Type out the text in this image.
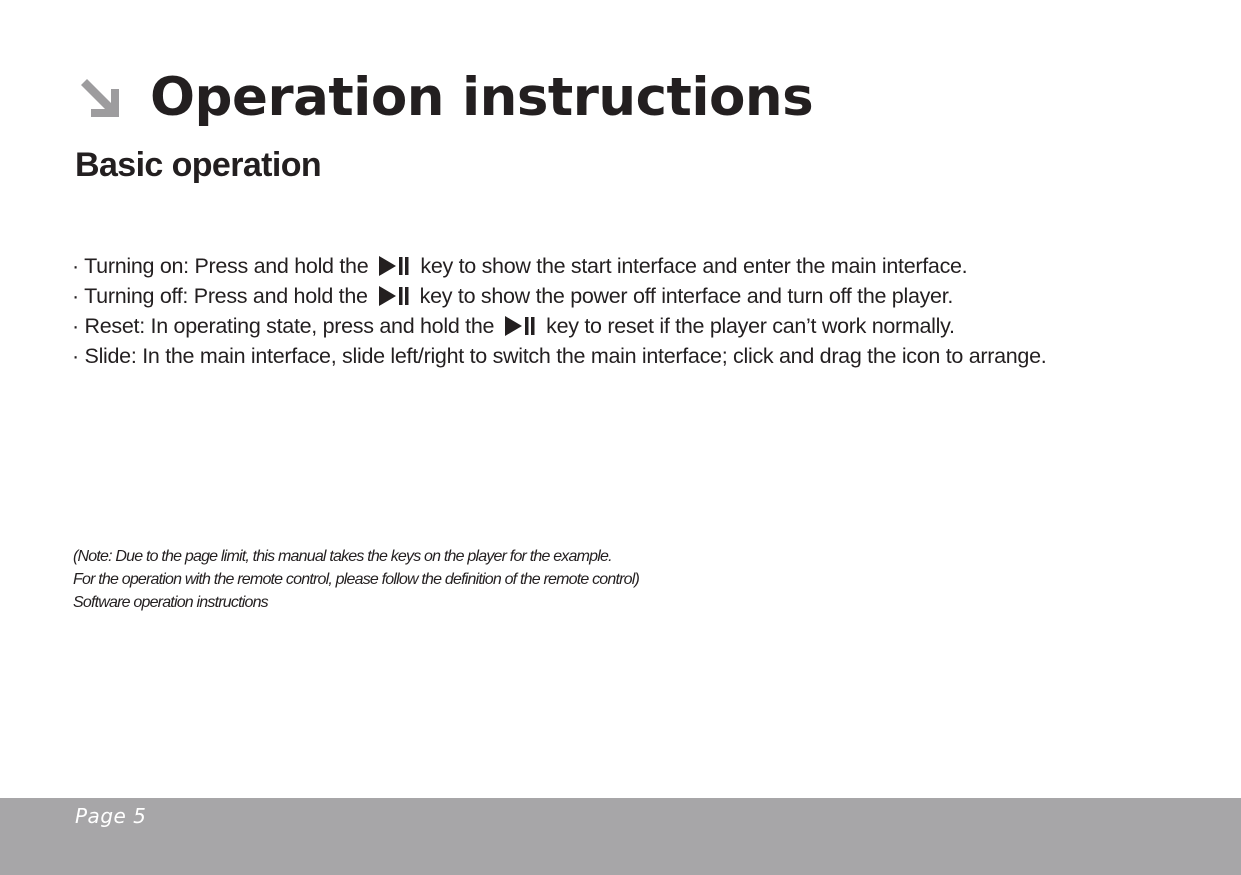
Operation instructions
Basic operation
· Turning on: Press and hold the key to show the start interface and enter the main interface.
· Turning off: Press and hold the key to show the power off interface and turn off the player.
· Reset: In operating state, press and hold the key to reset if the player can’t work normally.
· Slide: In the main interface, slide left/right to switch the main interface; click and drag the icon to arrange.
(Note: Due to the page limit, this manual takes the keys on the player for the example.
For the operation with the remote control, please follow the definition of the remote control)
Software operation instructions
Page 5
